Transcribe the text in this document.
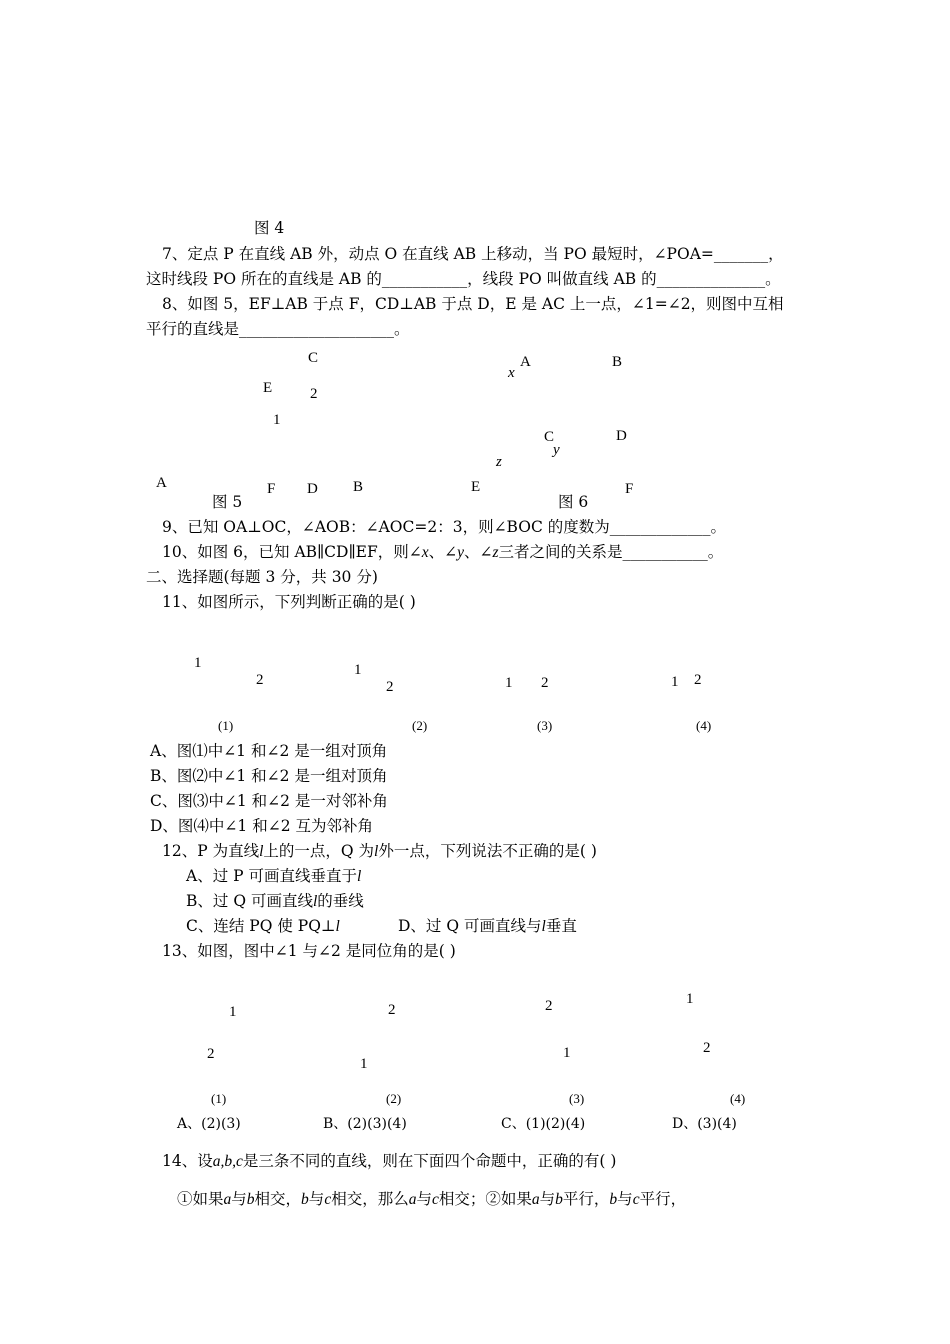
图 4
7、定点 P 在直线 AB 外，动点 O 在直线 AB 上移动，当 PO 最短时，∠POA=_______，
这时线段 PO 所在的直线是 AB 的___________，线段 PO 叫做直线 AB 的______________。
8、如图 5，EF⊥AB 于点 F，CD⊥AB 于点 D，E 是 AC 上一点，∠1=∠2，则图中互相
平行的直线是____________________。
C
E	2
1
A	F D B
图 5
x
A	B
C
y
D
z
E	F
图 6
9、已知 OA⊥OC，∠AOB：∠AOC=2：3，则∠BOC 的度数为_____________。
10、如图 6，已知 AB∥CD∥EF，则∠x、∠y、∠z三者之间的关系是___________。
二、选择题(每题 3 分，共 30 分)
11、如图所示，下列判断正确的是( )
1
2
(1)
1
2
(2)
1 2
(3)
1 2
(4)
A、图⑴中∠1 和∠2 是一组对顶角
B、图⑵中∠1 和∠2 是一组对顶角
C、图⑶中∠1 和∠2 是一对邻补角
D、图⑷中∠1 和∠2 互为邻补角
12、P 为直线l上的一点，Q 为l外一点，下列说法不正确的是( )
A、过 P 可画直线垂直于l
B、过 Q 可画直线l的垂线
C、连结 PQ 使 PQ⊥l	D、过 Q 可画直线与l垂直
13、如图，图中∠1 与∠2 是同位角的是( )
1
2
(1)
2
1
(2)
2
1
(3)
1
2
(4)
A、(2)(3)	B、(2)(3)(4)	C、(1)(2)(4)	D、(3)(4)
14、设a,b,c是三条不同的直线，则在下面四个命题中，正确的有( )
①如果a与b相交，b与c相交，那么a与c相交；②如果a与b平行，b与c平行，
